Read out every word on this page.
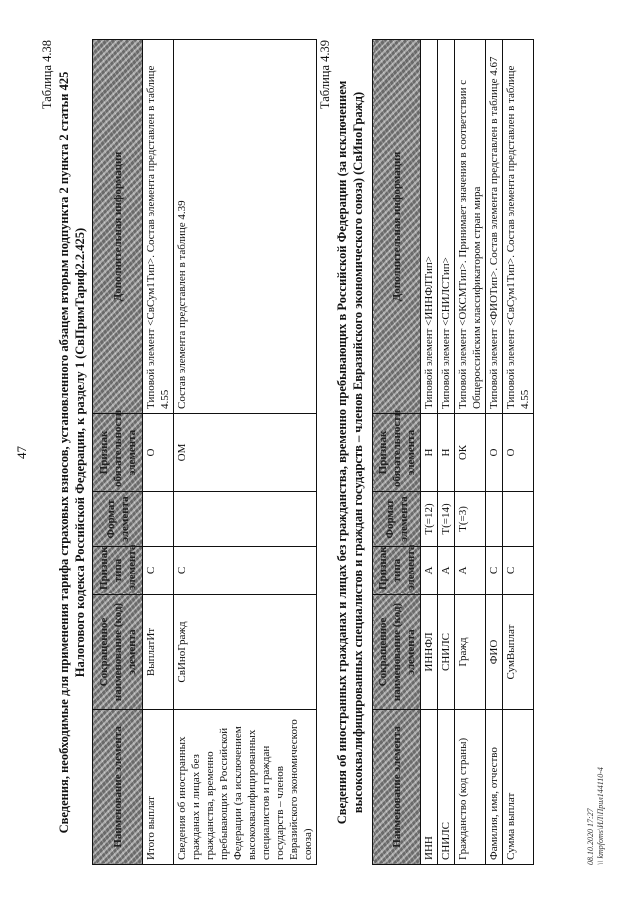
47
Таблица 4.38 Сведения, необходимые для применения тарифа страховых взносов, установленного абзацем вторым подпункта 2 пункта 2 статьи 425 Налогового кодекса Российской Федерации, к разделу 1 (СвПримТариф2.2.425)
Наименование элемента	Сокращенное наименование (код) элемента	Признак типа элемента	Формат элемента	Признак обязательности элемента	Дополнительная информация
Итого выплат	ВыплатИт	С		О	Типовой элемент <СвСум1Тип>. Состав элемента представлен в таблице 4.55
Сведения об иностранных гражданах и лицах без гражданства, временно пребывающих в Российской Федерации (за исключением высококвалифицированных специалистов и граждан государств – членов Евразийского экономического союза)	СвИноГражд	С		ОМ	Состав элемента представлен в таблице 4.39
Таблица 4.39
Сведения об иностранных гражданах и лицах без гражданства, временно пребывающих в Российской Федерации (за исключением высококвалифицированных специалистов и граждан государств – членов Евразийского экономического союза) (СвИноГражд) Наименование элемента	Сокращенное наименование (код) элемента	Признак типа элемента	Формат элемента	Признак обязательности элемента	Дополнительная информация
ИНН	ИННФЛ	А	Т(=12)	Н	Типовой элемент <ИННФЛТип>
СНИЛС	СНИЛС	А	Т(=14)	Н	Типовой элемент <СНИЛСТип>
Гражданство (код страны)	Гражд	А	Т(=3)	ОК	Типовой элемент <ОКСМТип>. Принимает значения в соответствии с Общероссийским классификатором стран мира
Фамилия, имя, отчество	ФИО	С		О	Типовой элемент <ФИОТип>. Состав элемента представлен в таблице 4.67
Сумма выплат	СумВыплат	С		О	Типовой элемент <СвСум1Тип>. Состав элемента представлен в таблице 4.55
08.10.2020 17:27 \\ kmpfoms\ИЛ\Прил144110-4
